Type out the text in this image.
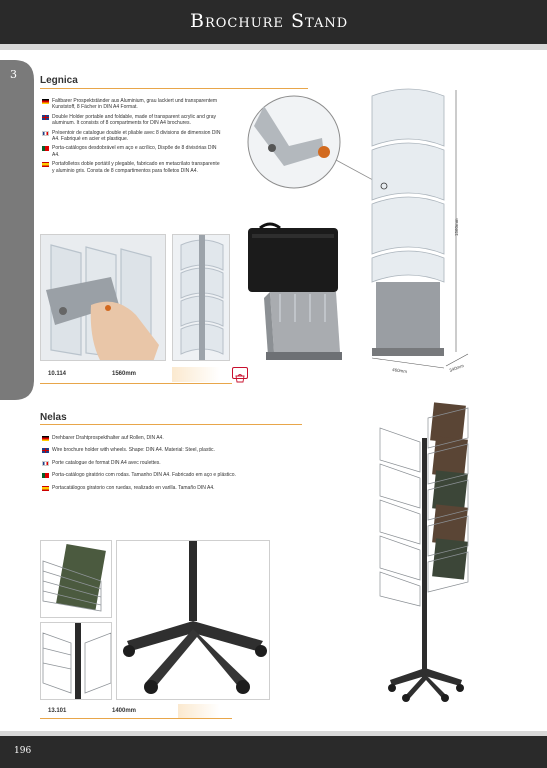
Brochure Stand
3 Legnica
Faltbarer Prospektständer aus Aluminium, grau lackiert und transparentem Kunststoff, 8 Fächer in DIN A4 Format.
Double Holder portable and foldable, made of transparent acrylic and gray aluminum. It consists of 8 compartments for DIN A4 brochures.
Présentoir de catalogue double et pliable avec 8 divisions de dimension DIN A4. Fabriqué en acier et plastique.
Porta-catálogos desdobrável em aço e acrílico, Dispõe de 8 divisórias DIN A4.
Portafolletos doble portátil y plegable, fabricado en metacrilato transparente y aluminio gris. Consta de 8 compartimentos para folletos DIN A4.
1560mm
460mm	340mm
10.114	1560mm
Nelas
Drehbarer Drahtprospekthalter auf Rollen, DIN A4.
Wire brochure holder with wheels. Shape: DIN A4. Material: Steel, plastic.
Porte catalogue de format DIN A4 avec roulettes.
Porta-catálogo giratório com rodas. Tamanho DIN A4. Fabricado em aço e plástico.
Portacatálogos giratorio con ruedas, realizado en varilla. Tamaño DIN A4.
13.101	1400mm
196
